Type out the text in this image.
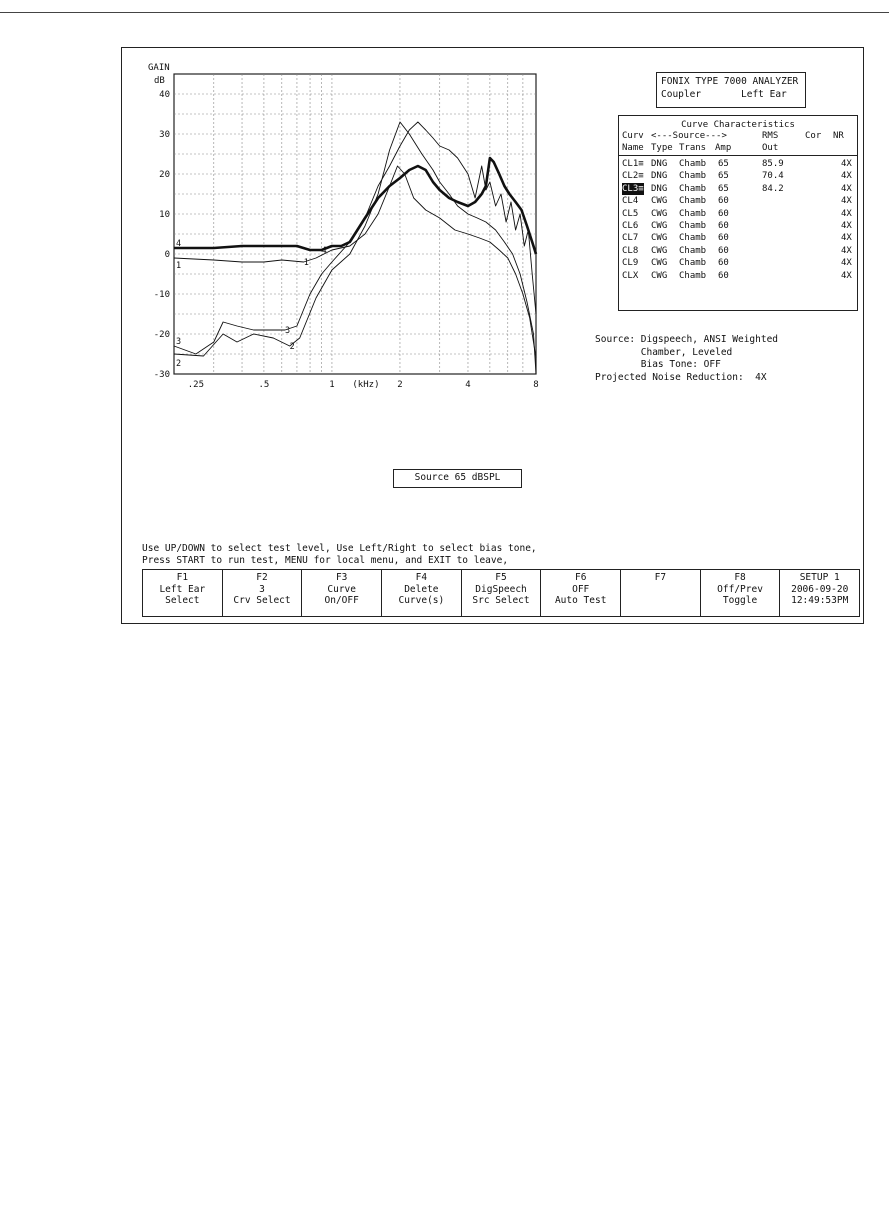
40
30
20
10
0
-10
-20
-30
GAIN
dB
.25	.5	1	2	4	8
(kHz)
1	1
2
2
3
3
4
4
FONIX TYPE 7000 ANALYZER
Coupler	Left Ear
Curve Characteristics
Curv <---Source--->	RMS	Cor NR
Name Type Trans Amp	Out
CL1≡ DNG Chamb 65	85.9	4X
CL2≡ DNG Chamb 65	70.4	4X
CL3≡ DNG Chamb 65	84.2	4X
CL4 CWG Chamb 60	4X
CL5 CWG Chamb 60	4X
CL6 CWG Chamb 60	4X
CL7 CWG Chamb 60	4X
CL8 CWG Chamb 60	4X
CL9 CWG Chamb 60	4X
CLX CWG Chamb 60	4X
Source: Digspeech, ANSI Weighted
Chamber, Leveled
Bias Tone: OFF
Projected Noise Reduction:  4X
Source 65 dBSPL
Use UP/DOWN to select test level, Use Left/Right to select bias tone,
Press START to run test, MENU for local menu, and EXIT to leave,
F1
Left Ear
Select
F2
3
Crv Select
F3
Curve
On/OFF
F4
Delete
Curve(s)
F5
DigSpeech
Src Select
F6
OFF
Auto Test
F7	F8
Off/Prev
Toggle
SETUP 1
2006-09-20
12:49:53PM
